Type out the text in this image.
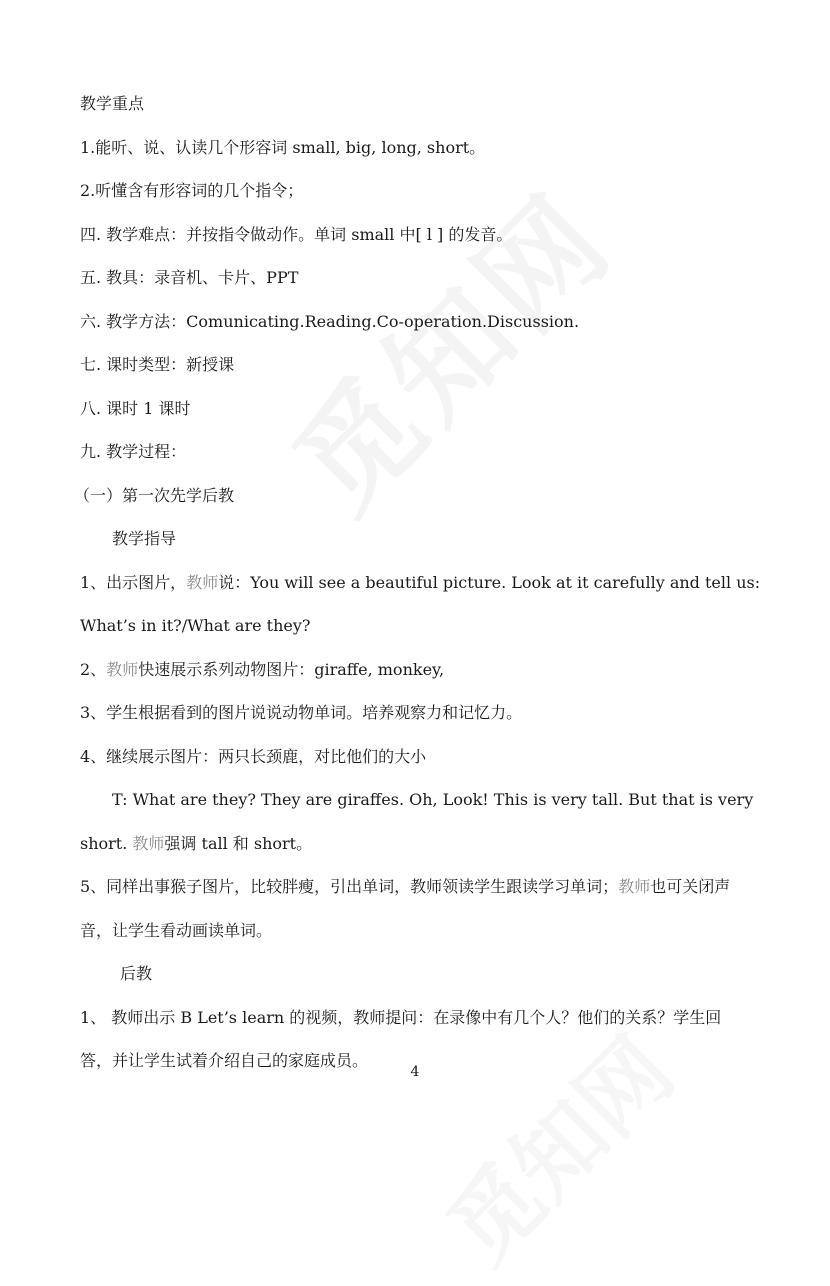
教学重点
1.能听、说、认读几个形容词 small, big, long, short。
2.听懂含有形容词的几个指令；
四. 教学难点：并按指令做动作。单词 small 中[ l ] 的发音。
五. 教具：录音机、卡片、PPT
六. 教学方法：Comunicating.Reading.Co-operation.Discussion.
七. 课时类型：新授课
八. 课时 1 课时
九. 教学过程：
（一）第一次先学后教
教学指导
1、出示图片，教师说：You will see a beautiful picture. Look at it carefully and tell us:
What’s in it?/What are they?
2、教师快速展示系列动物图片：giraffe, monkey,
3、学生根据看到的图片说说动物单词。培养观察力和记忆力。
4、继续展示图片：两只长颈鹿，对比他们的大小
T: What are they? They are giraffes. Oh, Look! This is very tall. But that is very
short. 教师强调 tall 和 short。
5、同样出事猴子图片，比较胖瘦，引出单词，教师领读学生跟读学习单词；教师也可关闭声
音，让学生看动画读单词。
后教
1、 教师出示 B Let’s learn 的视频，教师提问：在录像中有几个人？他们的关系？学生回
答，并让学生试着介绍自己的家庭成员。
4
